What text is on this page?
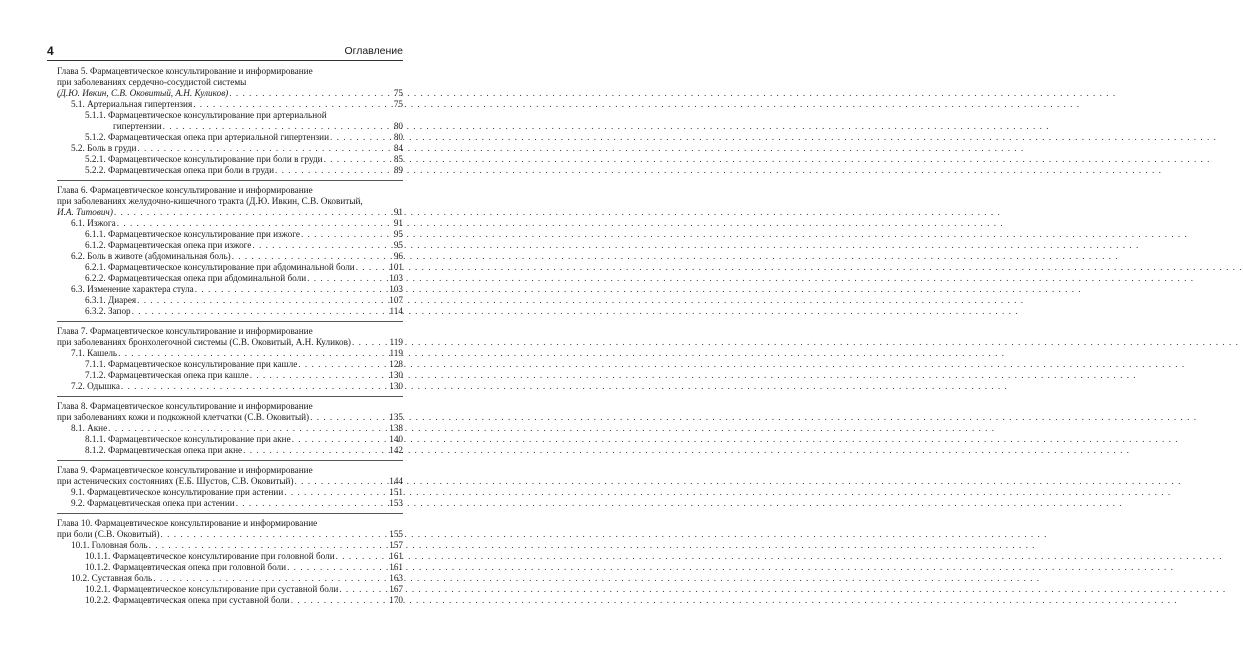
4	Оглавление
Глава 5. Фармацевтическое консультирование и информирование
при заболеваниях сердечно-сосудистой системы
(Д.Ю. Ивкин, С.В. Оковитый, А.Н. Куликов) . . .	75
5.1. Артериальная гипертензия . . .	75
5.1.1. Фармацевтическое консультирование при артериальной
гипертензии . . .	80
5.1.2. Фармацевтическая опека при артериальной гипертензии . . .	80
5.2. Боль в груди . . .	84
5.2.1. Фармацевтическое консультирование при боли в груди . . .	85
5.2.2. Фармацевтическая опека при боли в груди . . .	89
Глава 6. Фармацевтическое консультирование и информирование
при заболеваниях желудочно-кишечного тракта (Д.Ю. Ивкин, С.В. Оковитый,
И.А. Титович) . . .	91
6.1. Изжога . . .	91
6.1.1. Фармацевтическое консультирование при изжоге . . .	95
6.1.2. Фармацевтическая опека при изжоге . . .	95
6.2. Боль в животе (абдоминальная боль) . . .	96
6.2.1. Фармацевтическое консультирование при абдоминальной боли . . .	101
6.2.2. Фармацевтическая опека при абдоминальной боли . . .	103
6.3. Изменение характера стула . . .	103
6.3.1. Диарея . . .	107
6.3.2. Запор . . .	114
Глава 7. Фармацевтическое консультирование и информирование
при заболеваниях бронхолегочной системы (С.В. Оковитый, А.Н. Куликов) . . .	119
7.1. Кашель . . .	119
7.1.1. Фармацевтическое консультирование при кашле . . .	128
7.1.2. Фармацевтическая опека при кашле . . .	130
7.2. Одышка . . .	130
Глава 8. Фармацевтическое консультирование и информирование
при заболеваниях кожи и подкожной клетчатки (С.В. Оковитый) . . .	135
8.1. Акне . . .	138
8.1.1. Фармацевтическое консультирование при акне . . .	140
8.1.2. Фармацевтическая опека при акне . . .	142
Глава 9. Фармацевтическое консультирование и информирование
при астенических состояниях (Е.Б. Шустов, С.В. Оковитый) . . .	144
9.1. Фармацевтическое консультирование при астении . . .	151
9.2. Фармацевтическая опека при астении . . .	153
Глава 10. Фармацевтическое консультирование и информирование
при боли (С.В. Оковитый) . . .	155
10.1. Головная боль . . .	157
10.1.1. Фармацевтическое консультирование при головной боли . . .	161
10.1.2. Фармацевтическая опека при головной боли . . .	161
10.2. Суставная боль . . .	163
10.2.1. Фармацевтическое консультирование при суставной боли . . .	167
10.2.2. Фармацевтическая опека при суставной боли . . .	170
